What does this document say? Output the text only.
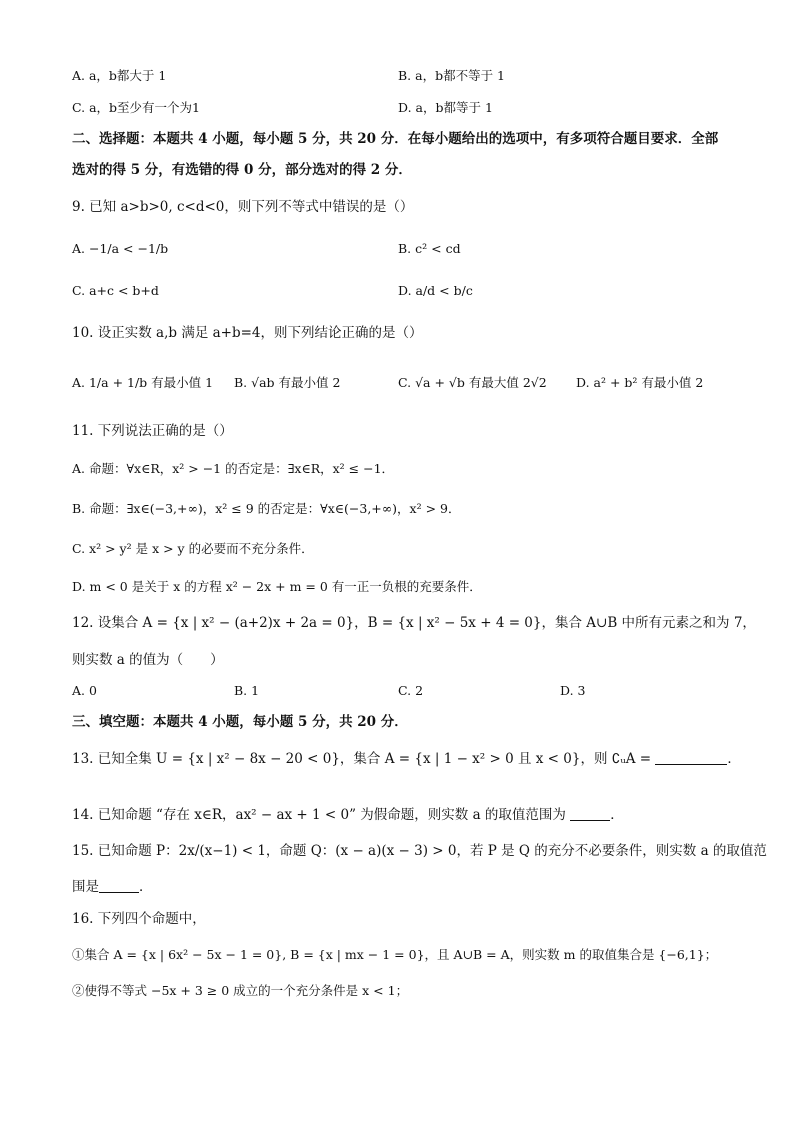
A. a，b都大于 1	B. a，b都不等于 1
C. a，b至少有一个为1	D. a，b都等于 1
二、选择题：本题共 4 小题，每小题 5 分，共 20 分．在每小题给出的选项中，有多项符合题目要求．全部
选对的得 5 分，有选错的得 0 分，部分选对的得 2 分．
9. 已知 a>b>0, c<d<0，则下列不等式中错误的是（）
A. −1/a < −1/b	B. c² < cd
C. a+c < b+d	D. a/d < b/c
10. 设正实数 a,b 满足 a+b=4，则下列结论正确的是（）
A. 1/a + 1/b 有最小值 1 B. √ab 有最小值 2	C. √a + √b 有最大值 2√2 D. a² + b² 有最小值 2
11. 下列说法正确的是（）
A. 命题：∀x∈R，x² > −1 的否定是：∃x∈R，x² ≤ −1．
B. 命题：∃x∈(−3,+∞)，x² ≤ 9 的否定是：∀x∈(−3,+∞)，x² > 9．
C. x² > y² 是 x > y 的必要而不充分条件．
D. m < 0 是关于 x 的方程 x² − 2x + m = 0 有一正一负根的充要条件．
12. 设集合 A = {x | x² − (a+2)x + 2a = 0}，B = {x | x² − 5x + 4 = 0}，集合 A∪B 中所有元素之和为 7，
则实数 a 的值为（　　）
A. 0	B. 1	C. 2	D. 3
三、填空题：本题共 4 小题，每小题 5 分，共 20 分．
13. 已知全集 U = {x | x² − 8x − 20 < 0}，集合 A = {x | 1 − x² > 0 且 x < 0}，则 ∁ᵤA =	．
14. 已知命题 “存在 x∈R，ax² − ax + 1 < 0” 为假命题，则实数 a 的取值范围为	．
15. 已知命题 P：2x/(x−1) < 1，命题 Q：(x − a)(x − 3) > 0，若 P 是 Q 的充分不必要条件，则实数 a 的取值范
围是	．
16. 下列四个命题中，
①集合 A = {x | 6x² − 5x − 1 = 0}, B = {x | mx − 1 = 0}，且 A∪B = A，则实数 m 的取值集合是 {−6,1}；
②使得不等式 −5x + 3 ≥ 0 成立的一个充分条件是 x < 1；
